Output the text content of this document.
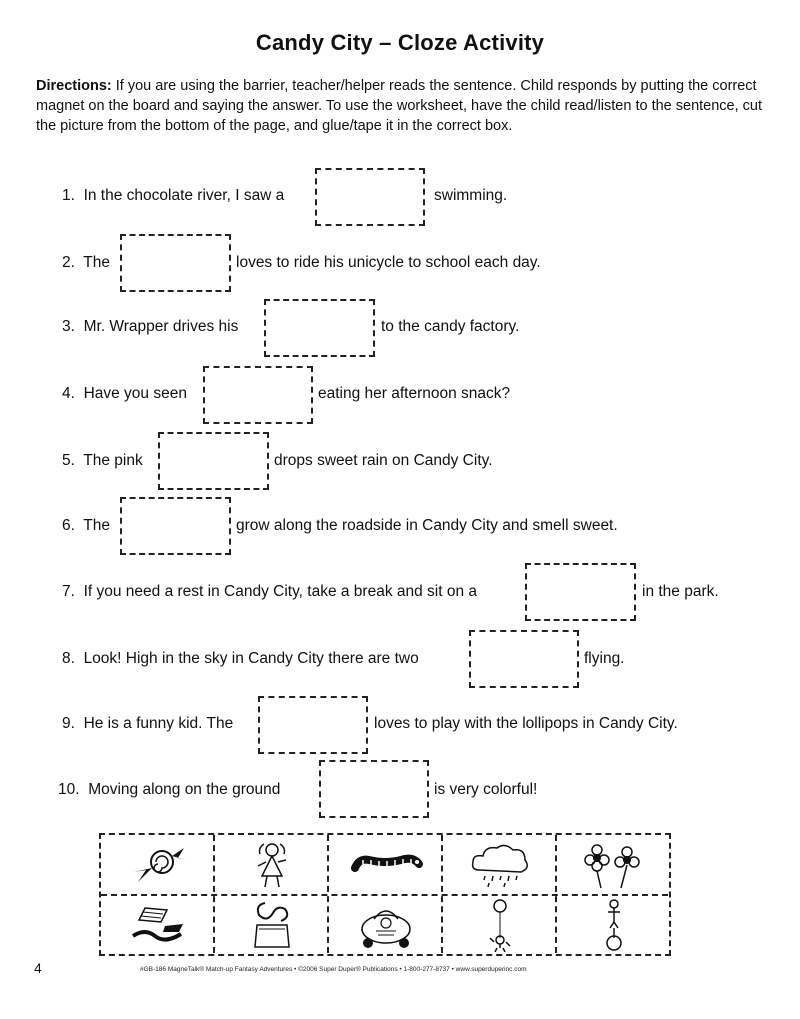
Candy City – Cloze Activity
Directions: If you are using the barrier, teacher/helper reads the sentence. Child responds by putting the correct magnet on the board and saying the answer. To use the worksheet, have the child read/listen to the sentence, cut the picture from the bottom of the page, and glue/tape it in the correct box.
1. In the chocolate river, I saw a	swimming.
2. The	loves to ride his unicycle to school each day.
3. Mr. Wrapper drives his	to the candy factory.
4. Have you seen	eating her afternoon snack?
5. The pink	drops sweet rain on Candy City.
6. The	grow along the roadside in Candy City and smell sweet.
7. If you need a rest in Candy City, take a break and sit on a	in the park.
8. Look! High in the sky in Candy City there are two	flying.
9. He is a funny kid. The	loves to play with the lollipops in Candy City.
10. Moving along on the ground	is very colorful!
4	#GB-186 MagneTalk® Match-up Fantasy Adventures • ©2006 Super Duper® Publications • 1-800-277-8737 • www.superduperinc.com
